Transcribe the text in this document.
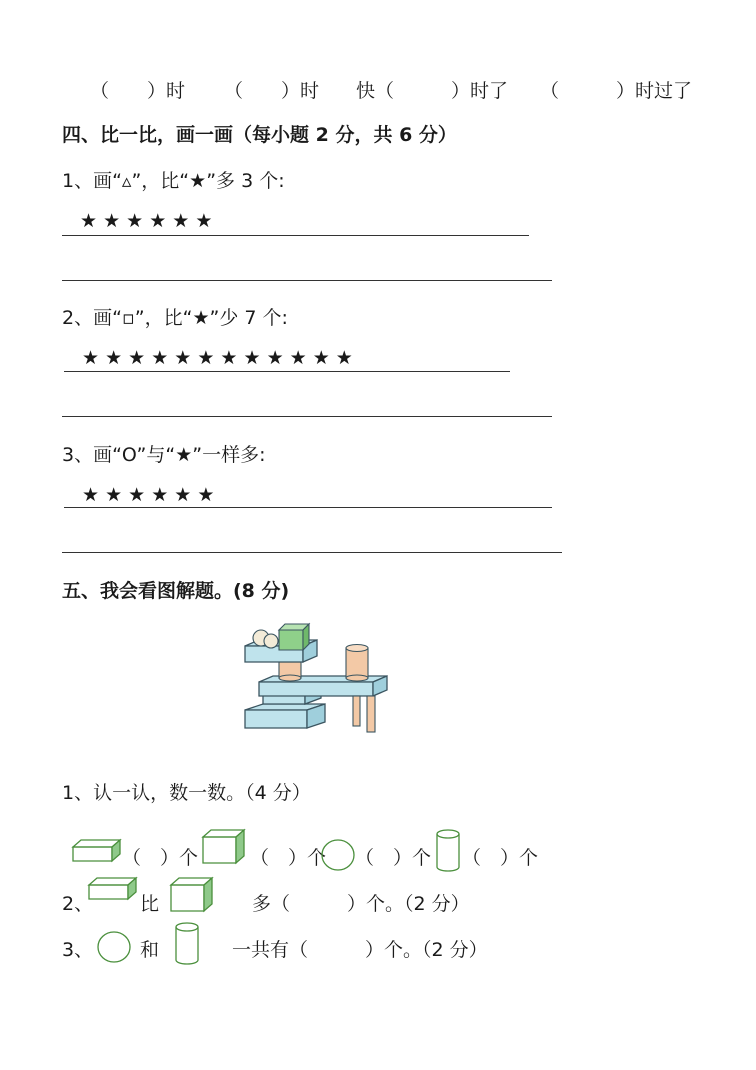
（　　）时 （　　）时 快（　　　）时了 （　　　）时过了
四、比一比，画一画（每小题 2 分，共 6 分）
1、画“▵”，比“★”多 3 个:
★ ★ ★ ★ ★ ★
2、画“▫”，比“★”少 7 个:
★ ★ ★ ★ ★ ★ ★ ★ ★ ★ ★ ★
3、画“O”与“★”一样多:
★ ★ ★ ★ ★ ★
五、我会看图解题。(8 分)
1、认一认，数一数。（4 分）
（　）个	（　）个 （　）个 （　）个
2、 比	多（　　　）个。（2 分）
3、 和	一共有（　　　）个。（2 分）
